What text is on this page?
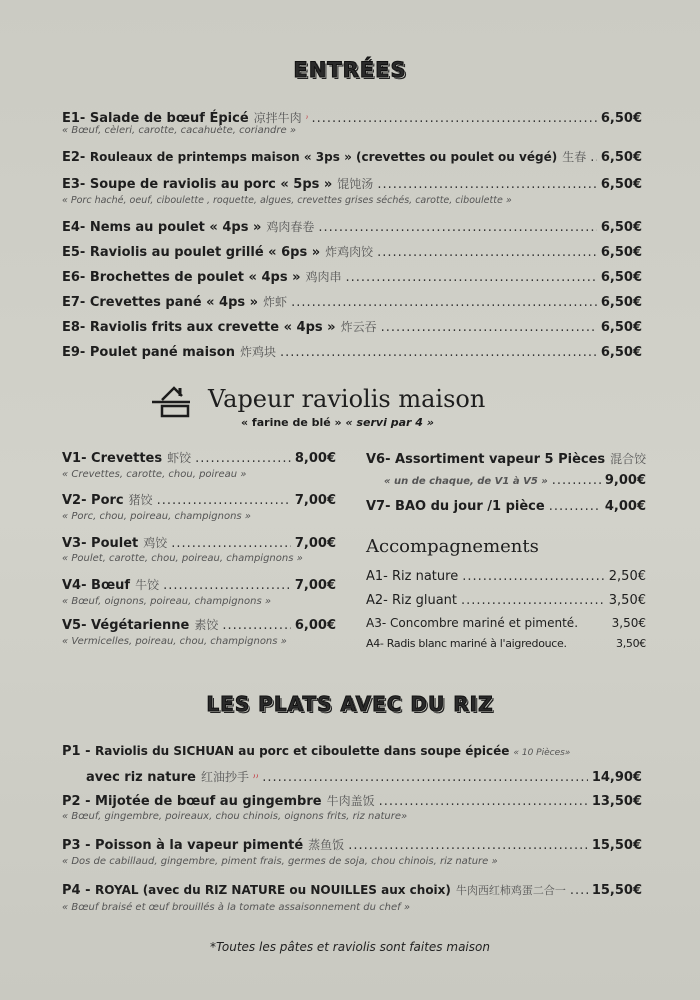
ENTRÉES
E1- Salade de bœuf Épicé 凉拌牛肉 .....	6,50€
« Bœuf, cèleri, carotte, cacahuète, coriandre »
E2- Rouleaux de printemps maison « 3ps » (crevettes ou poulet ou végé) 生春 ..... 6,50€
E3- Soupe de raviolis au porc « 5ps » 馄饨汤 .....	6,50€
« Porc haché, oeuf, ciboulette , roquette, algues, crevettes grises séchés, carotte, ciboulette »
E4- Nems au poulet « 4ps » 鸡肉春卷 .....	6,50€
E5- Raviolis au poulet grillé « 6ps » 炸鸡肉饺 .....	6,50€
E6- Brochettes de poulet « 4ps » 鸡肉串 .....	6,50€
E7- Crevettes pané « 4ps » 炸虾 .....	6,50€
E8- Raviolis frits aux crevette « 4ps » 炸云吞 .....	6,50€
E9- Poulet pané maison 炸鸡块 .....	6,50€
Vapeur raviolis maison
« farine de blé » « servi par 4 »
V1- Crevettes 虾饺 .....	8,00€
« Crevettes, carotte, chou, poireau »
V2- Porc 猪饺 .....	7,00€
« Porc, chou, poireau, champignons »
V3- Poulet 鸡饺 .....	7,00€
« Poulet, carotte, chou, poireau, champignons »
V4- Bœuf 牛饺 .....	7,00€
« Bœuf, oignons, poireau, champignons »
V5- Végétarienne 素饺 .....	6,00€
« Vermicelles, poireau, chou, champignons »
V6- Assortiment vapeur 5 Pièces 混合饺
« un de chaque, de V1 à V5 » .....	9,00€
V7- BAO du jour /1 pièce .....	4,00€
Accompagnements
A1- Riz nature .....	2,50€
A2- Riz gluant .....	3,50€
A3- Concombre mariné et pimenté.	3,50€
A4- Radis blanc mariné à l'aigredouce.	3,50€
LES PLATS AVEC DU RIZ
P1 - Raviolis du SICHUAN au porc et ciboulette dans soupe épicée « 10 Pièces»
avec riz nature 红油抄手 .....	14,90€
P2 - Mijotée de bœuf au gingembre 牛肉盖饭 .....	13,50€
« Bœuf, gingembre, poireaux, chou chinois, oignons frits, riz nature»
P3 - Poisson à la vapeur pimenté 蒸鱼饭 .....	15,50€
« Dos de cabillaud, gingembre, piment frais, germes de soja, chou chinois, riz nature »
P4 - ROYAL (avec du RIZ NATURE ou NOUILLES aux choix) 牛肉西红柿鸡蛋二合一 ..... 15,50€
« Bœuf braisé et œuf brouillés à la tomate assaisonnement du chef »
*Toutes les pâtes et raviolis sont faites maison
